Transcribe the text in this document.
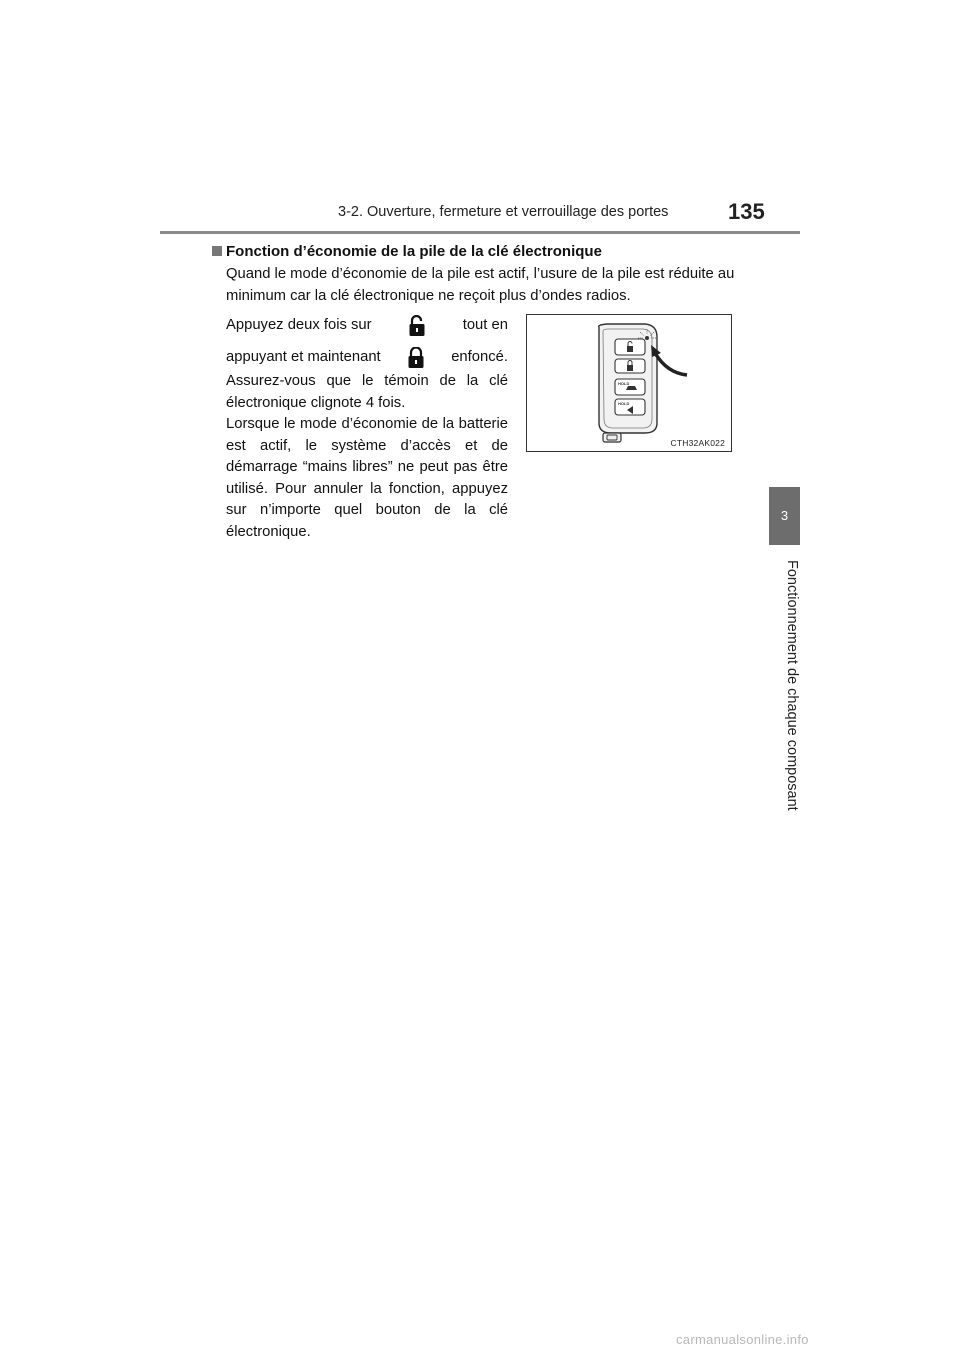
3-2. Ouverture, fermeture et verrouillage des portes	135
3
Fonctionnement de chaque composant
Fonction d’économie de la pile de la clé électronique
Quand le mode d’économie de la pile est actif, l’usure de la pile est réduite au minimum car la clé électronique ne reçoit plus d’ondes radios.
Appuyez deux fois sur	tout en
appuyant et maintenant	enfoncé.

Assurez-vous que le témoin de la clé électronique clignote 4 fois.

Lorsque le mode d’économie de la batterie est actif, le système d’accès et de démarrage “mains libres” ne peut pas être utilisé. Pour annuler la fonction, appuyez sur n’importe quel bouton de la clé électronique.

HOLD
HOLD
CTH32AK022
carmanualsonline.info
